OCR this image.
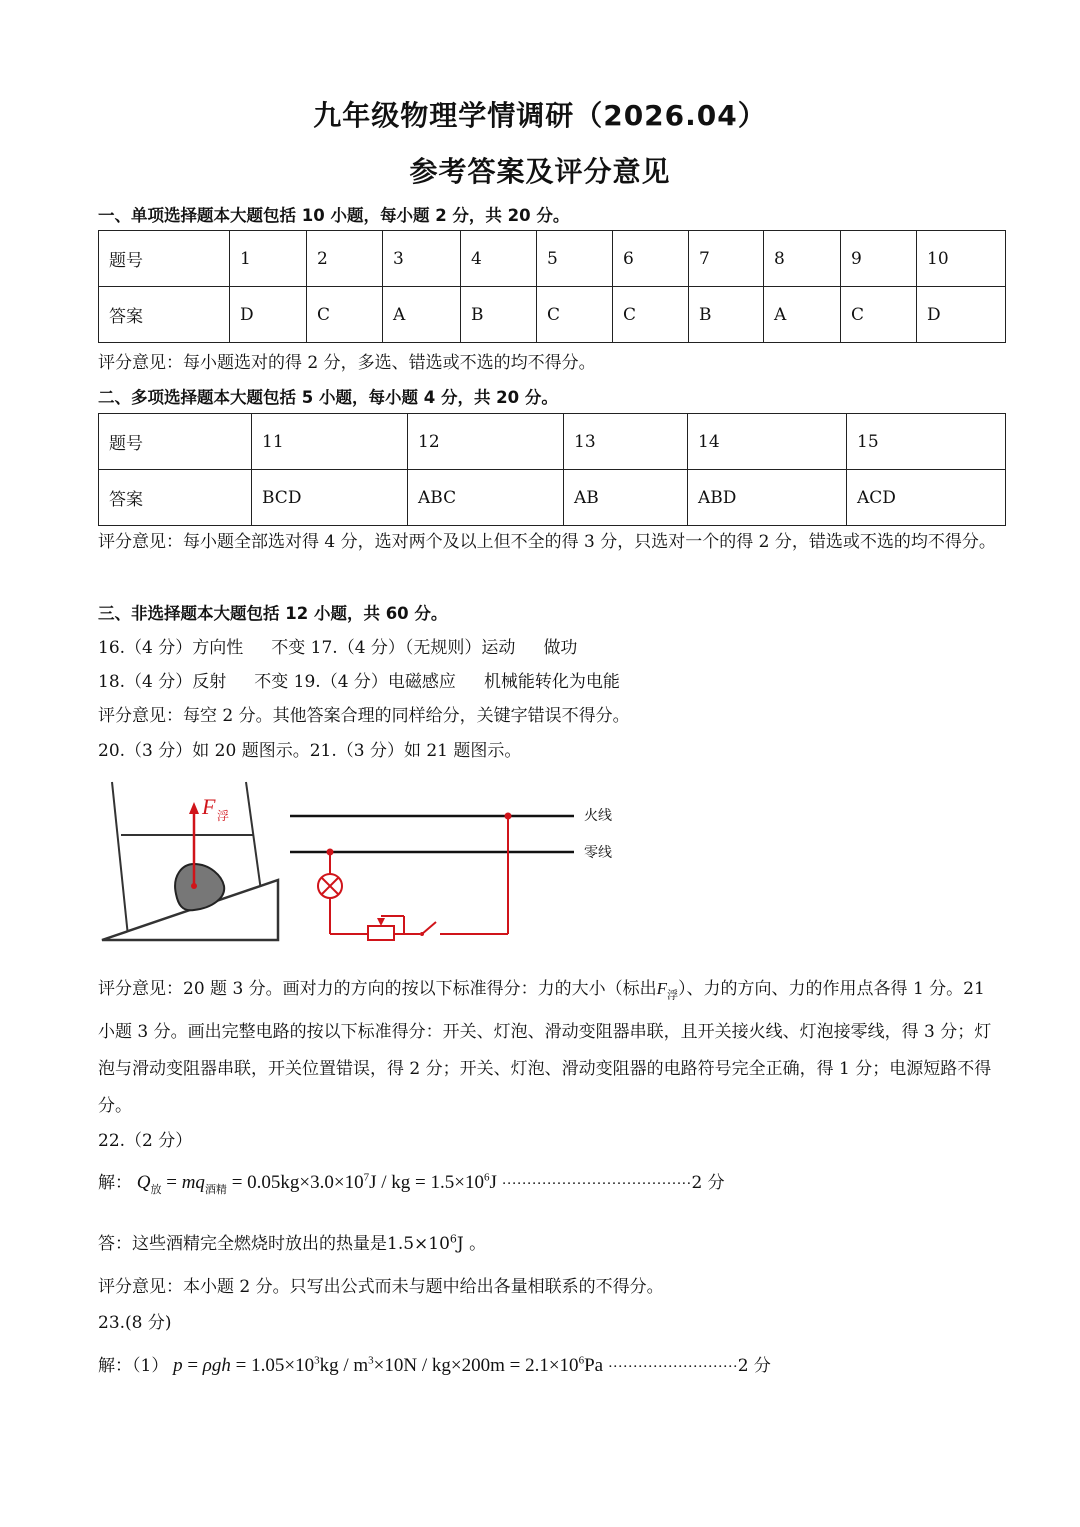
九年级物理学情调研（2026.04）
参考答案及评分意见
一、单项选择题本大题包括 10 小题，每小题 2 分，共 20 分。
题号	1	2	3	4	5	6	7	8	9	10
答案	D	C	A	B	C	C	B	A	C	D
评分意见：每小题选对的得 2 分，多选、错选或不选的均不得分。
二、多项选择题本大题包括 5 小题，每小题 4 分，共 20 分。
题号	11	12	13	14	15
答案	BCD	ABC	AB	ABD	ACD
评分意见：每小题全部选对得 4 分，选对两个及以上但不全的得 3 分，只选对一个的得 2 分，错选或不选的均不得分。
三、非选择题本大题包括 12 小题，共 60 分。
16.（4 分）方向性 不变 17.（4 分）（无规则）运动 做功
18.（4 分）反射 不变 19.（4 分）电磁感应 机械能转化为电能
评分意见：每空 2 分。其他答案合理的同样给分，关键字错误不得分。
20.（3 分）如 20 题图示。21.（3 分）如 21 题图示。
F 浮	火线
零线
评分意见：20 题 3 分。画对力的方向的按以下标准得分：力的大小（标出$F_浮$）、力的方向、力的作用点各得 1 分。21 小题 3 分。画出完整电路的按以下标准得分：开关、灯泡、滑动变阻器串联，且开关接火线、灯泡接零线，得 3 分；灯泡与滑动变阻器串联，开关位置错误，得 2 分；开关、灯泡、滑动变阻器的电路符号完全正确，得 1 分；电源短路不得分。
22.（2 分）
解： $Q_放 = mq_{酒精} = 0.05kg\times 3.0\times 10^7J$ / kg = $1.5\times 10^6J \cdot\cdot\cdot\cdot\cdot\cdot\cdot\cdot\cdot\cdot\cdot\cdot\cdot\cdot\cdot\cdot\cdot\cdot\cdot\cdot\cdot\cdot\cdot\cdot\cdot\cdot\cdot\cdot\cdot\cdot\cdot\cdot\cdot\cdot\cdot\cdot\cdot\cdot 2$ 分
答：这些酒精完全燃烧时放出的热量是$1.5\times 10^6J$ 。
评分意见：本小题 2 分。只写出公式而未与题中给出各量相联系的不得分。
23.(8 分)
解：（1） $p = \rho gh = 1.05\times 10^3kg / m^3\times 10N / kg\times 200m = 2.1\times 10^6Pa \cdot\cdot\cdot\cdot\cdot\cdot\cdot\cdot\cdot\cdot\cdot\cdot\cdot\cdot\cdot\cdot\cdot\cdot\cdot\cdot\cdot\cdot\cdot\cdot\cdot\cdot 2$ 分
